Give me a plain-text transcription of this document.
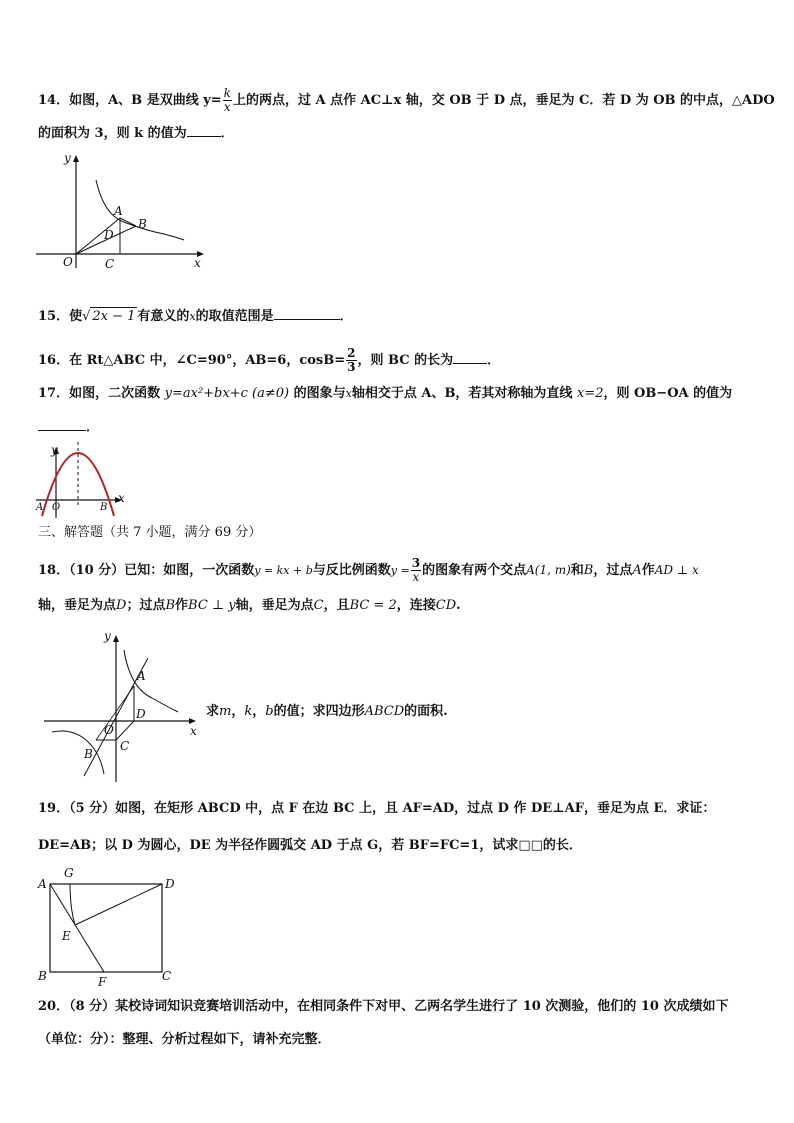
14．如图，A、B 是双曲线 $y= \frac{k}{x}$ 上的两点，过 A 点作 AC⊥x 轴，交 OB 于 D 点，垂足为 C．若 D 为 OB 的中点，△ADO
的面积为 3，则 k 的值为	．
y
x
O	C
D
A
B
15．使√ 2x − 1 有意义的x的取值范围是	．
16．在 Rt△ABC 中，∠C=90°，AB=6，$\cos B= \frac{2}{3}$ ，则 BC 的长为	．
17．如图，二次函数 y=ax²+bx+c (a≠0) 的图象与x轴相交于点 A、B，若其对称轴为直线 x=2，则 OB−OA 的值为
．
y
x
A O	B
三、解答题（共 7 小题，满分 69 分）
18．（10 分）已知：如图，一次函数y = kx + b与反比例函数$y = \frac{3}{x}$ 的图象有两个交点A(1, m)和B，过点A作AD ⊥ x
轴，垂足为点D；过点B作BC ⊥ y轴，垂足为点C，且BC = 2，连接CD.
y
x
O
A
B
C
D	求m，k，b的值；求四边形ABCD的面积.
19．（5 分）如图，在矩形 ABCD 中，点 F 在边 BC 上，且 AF=AD，过点 D 作 DE⊥AF，垂足为点 E．求证：
DE=AB；以 D 为圆心，DE 为半径作圆弧交 AD 于点 G，若 BF=FC=1，试求□□的长．
A
G
D
E
B	F	C
20．（8 分）某校诗词知识竞赛培训活动中，在相同条件下对甲、乙两名学生进行了 10 次测验，他们的 10 次成绩如下
（单位：分）：整理、分析过程如下，请补充完整．
